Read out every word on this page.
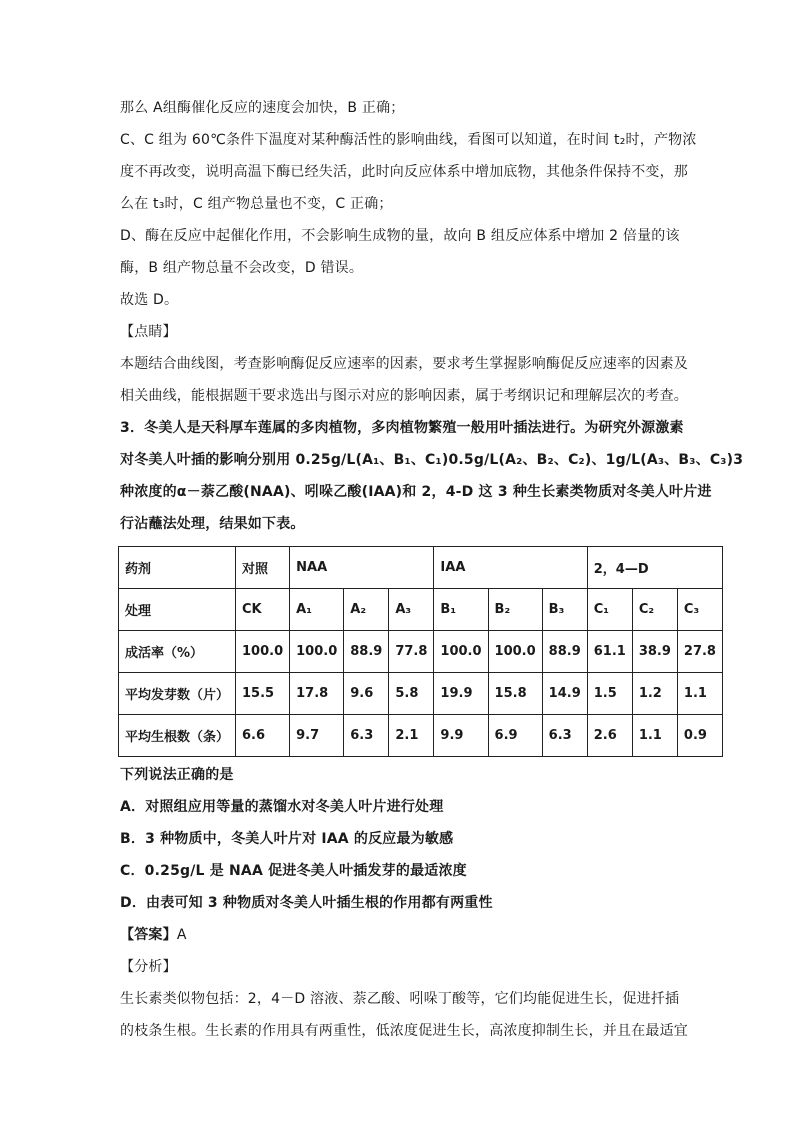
那么 A组酶催化反应的速度会加快，B 正确；
C、C 组为 60℃条件下温度对某种酶活性的影响曲线，看图可以知道，在时间 t₂时，产物浓
度不再改变，说明高温下酶已经失活，此时向反应体系中增加底物，其他条件保持不变，那
么在 t₃时，C 组产物总量也不变，C 正确；
D、酶在反应中起催化作用，不会影响生成物的量，故向 B 组反应体系中增加 2 倍量的该
酶，B 组产物总量不会改变，D 错误。
故选 D。
【点睛】
本题结合曲线图，考查影响酶促反应速率的因素，要求考生掌握影响酶促反应速率的因素及
相关曲线，能根据题干要求选出与图示对应的影响因素，属于考纲识记和理解层次的考查。
3．冬美人是天科厚车莲属的多肉植物，多肉植物繁殖一般用叶插法进行。为研究外源激素
对冬美人叶插的影响分别用 0.25g/L(A₁、B₁、C₁)0.5g/L(A₂、B₂、C₂)、1g/L(A₃、B₃、C₃)3
种浓度的α－萘乙酸(NAA)、吲哚乙酸(IAA)和 2，4-D 这 3 种生长素类物质对冬美人叶片进
行沾蘸法处理，结果如下表。
药剂	对照	NAA			IAA			2，4—D		
处理	CK	A₁	A₂	A₃	B₁	B₂	B₃	C₁	C₂	C₃
成活率（%）	100.0	100.0	88.9	77.8	100.0	100.0	88.9	61.1	38.9	27.8
平均发芽数（片）	15.5	17.8	9.6	5.8	19.9	15.8	14.9	1.5	1.2	1.1
平均生根数（条）	6.6	9.7	6.3	2.1	9.9	6.9	6.3	2.6	1.1	0.9
下列说法正确的是
A．对照组应用等量的蒸馏水对冬美人叶片进行处理
B．3 种物质中，冬美人叶片对 IAA 的反应最为敏感
C．0.25g/L 是 NAA 促进冬美人叶插发芽的最适浓度
D．由表可知 3 种物质对冬美人叶插生根的作用都有两重性
【答案】A
【分析】
生长素类似物包括：2，4－D 溶液、萘乙酸、吲哚丁酸等，它们均能促进生长，促进扦插
的枝条生根。生长素的作用具有两重性，低浓度促进生长，高浓度抑制生长，并且在最适宜
